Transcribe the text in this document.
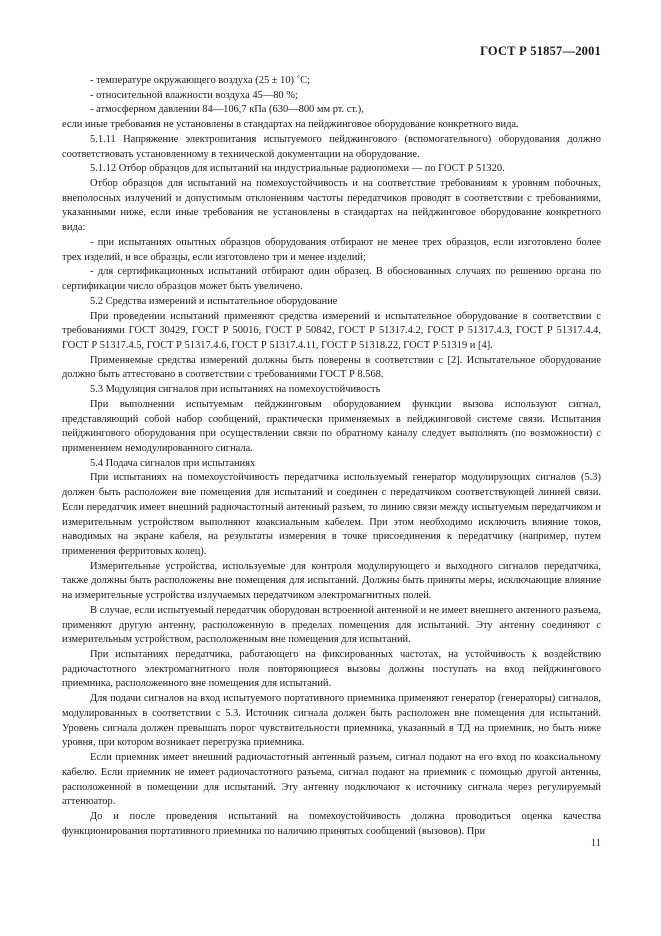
ГОСТ Р 51857—2001

- температуре окружающего воздуха (25 ± 10) ˚C;

- относительной влажности воздуха 45—80 %;

- атмосферном давлении 84—106,7 кПа (630—800 мм рт. ст.),

если иные требования не установлены в стандартах на пейджинговое оборудование конкретного вида.

5.1.11 Напряжение электропитания испытуемого пейджингового (вспомогательного) оборудования должно соответствовать установленному в технической документации на оборудование.

5.1.12 Отбор образцов для испытаний на индустриальные радиопомехи — по ГОСТ Р 51320.

Отбор образцов для испытаний на помехоустойчивость и на соответствие требованиям к уровням побочных, внеполосных излучений и допустимым отклонениям частоты передатчиков проводят в соответствии с требованиями, указанными ниже, если иные требования не установлены в стандартах на пейджинговое оборудование конкретного вида:

- при испытаниях опытных образцов оборудования отбирают не менее трех образцов, если изготовлено более трех изделий, и все образцы, если изготовлено три и менее изделий;

- для сертификационных испытаний отбирают один образец. В обоснованных случаях по решению органа по сертификации число образцов может быть увеличено.

5.2 Средства измерений и испытательное оборудование

При проведении испытаний применяют средства измерений и испытательное оборудование в соответствии с требованиями ГОСТ 30429, ГОСТ Р 50016, ГОСТ Р 50842, ГОСТ Р 51317.4.2, ГОСТ Р 51317.4.3, ГОСТ Р 51317.4.4, ГОСТ Р 51317.4.5, ГОСТ Р 51317.4.6, ГОСТ Р 51317.4.11, ГОСТ Р 51318.22, ГОСТ Р 51319 и [4].

Применяемые средства измерений должны быть поверены в соответствии с [2]. Испытательное оборудование должно быть аттестовано в соответствии с требованиями ГОСТ Р 8.568.

5.3 Модуляция сигналов при испытаниях на помехоустойчивость

При выполнении испытуемым пейджинговым оборудованием функции вызова используют сигнал, представляющий собой набор сообщений, практически применяемых в пейджинговой системе связи. Испытания пейджингового оборудования при осуществлении связи по обратному каналу следует выполнять (по возможности) с применением немодулированного сигнала.

5.4 Подача сигналов при испытаниях

При испытаниях на помехоустойчивость передатчика используемый генератор модулирующих сигналов (5.3) должен быть расположен вне помещения для испытаний и соединен с передатчиком соответствующей линией связи. Если передатчик имеет внешний радиочастотный антенный разъем, то линию связи между испытуемым передатчиком и измерительным устройством выполняют коаксиальным кабелем. При этом необходимо исключить влияние токов, наводимых на экране кабеля, на результаты измерения в точке присоединения к передатчику (например, путем применения ферритовых колец).

Измерительные устройства, используемые для контроля модулирующего и выходного сигналов передатчика, также должны быть расположены вне помещения для испытаний. Должны быть приняты меры, исключающие влияние на измерительные устройства излучаемых передатчиком электромагнитных полей.

В случае, если испытуемый передатчик оборудован встроенной антенной и не имеет внешнего антенного разъема, применяют другую антенну, расположенную в пределах помещения для испытаний. Эту антенну соединяют с измерительным устройством, расположенным вне помещения для испытаний.

При испытаниях передатчика, работающего на фиксированных частотах, на устойчивость к воздействию радиочастотного электромагнитного поля повторяющиеся вызовы должны поступать на вход пейджингового приемника, расположенного вне помещения для испытаний.

Для подачи сигналов на вход испытуемого портативного приемника применяют генератор (генераторы) сигналов, модулированных в соответствии с 5.3. Источник сигнала должен быть расположен вне помещения для испытаний. Уровень сигнала должен превышать порог чувствительности приемника, указанный в ТД на приемник, но быть ниже уровня, при котором возникает перегрузка приемника.

Если приемник имеет внешний радиочастотный антенный разъем, сигнал подают на его вход по коаксиальному кабелю. Если приемник не имеет радиочастотного разъема, сигнал подают на приемник с помощью другой антенны, расположенной в помещении для испытаний. Эту антенну подключают к источнику сигнала через регулируемый аттенюатор.

До и после проведения испытаний на помехоустойчивость должна проводиться оценка качества функционирования портативного приемника по наличию принятых сообщений (вызовов). При

11
